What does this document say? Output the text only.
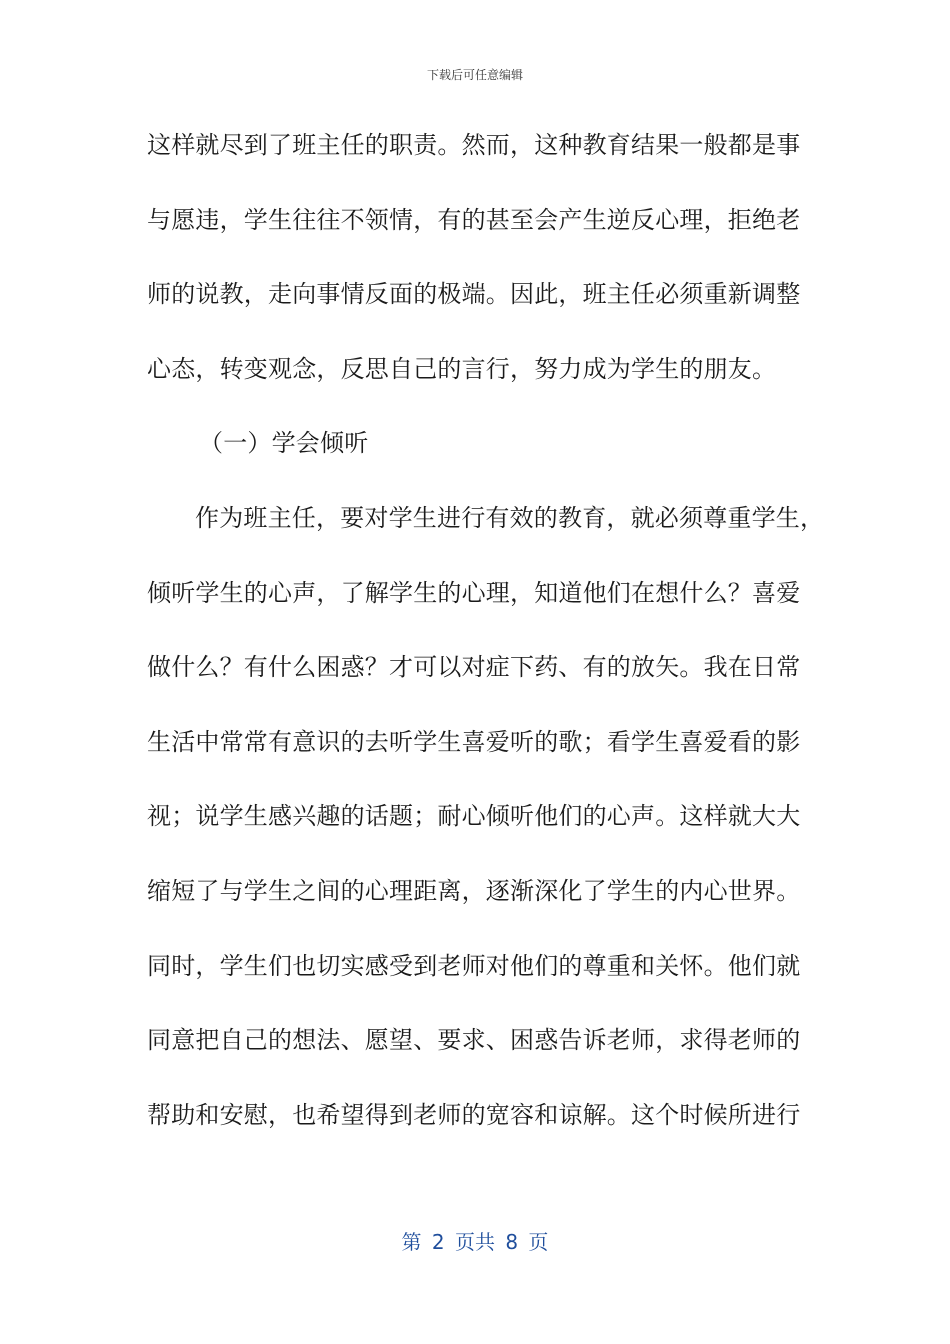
下载后可任意编辑
这样就尽到了班主任的职责。然而，这种教育结果一般都是事
与愿违，学生往往不领情，有的甚至会产生逆反心理，拒绝老
师的说教，走向事情反面的极端。因此，班主任必须重新调整
心态，转变观念，反思自己的言行，努力成为学生的朋友。
（一）学会倾听
作为班主任，要对学生进行有效的教育，就必须尊重学生，
倾听学生的心声，了解学生的心理，知道他们在想什么？喜爱
做什么？有什么困惑？才可以对症下药、有的放矢。我在日常
生活中常常有意识的去听学生喜爱听的歌；看学生喜爱看的影
视；说学生感兴趣的话题；耐心倾听他们的心声。这样就大大
缩短了与学生之间的心理距离，逐渐深化了学生的内心世界。
同时，学生们也切实感受到老师对他们的尊重和关怀。他们就
同意把自己的想法、愿望、要求、困惑告诉老师，求得老师的
帮助和安慰，也希望得到老师的宽容和谅解。这个时候所进行
第 2 页共 8 页
